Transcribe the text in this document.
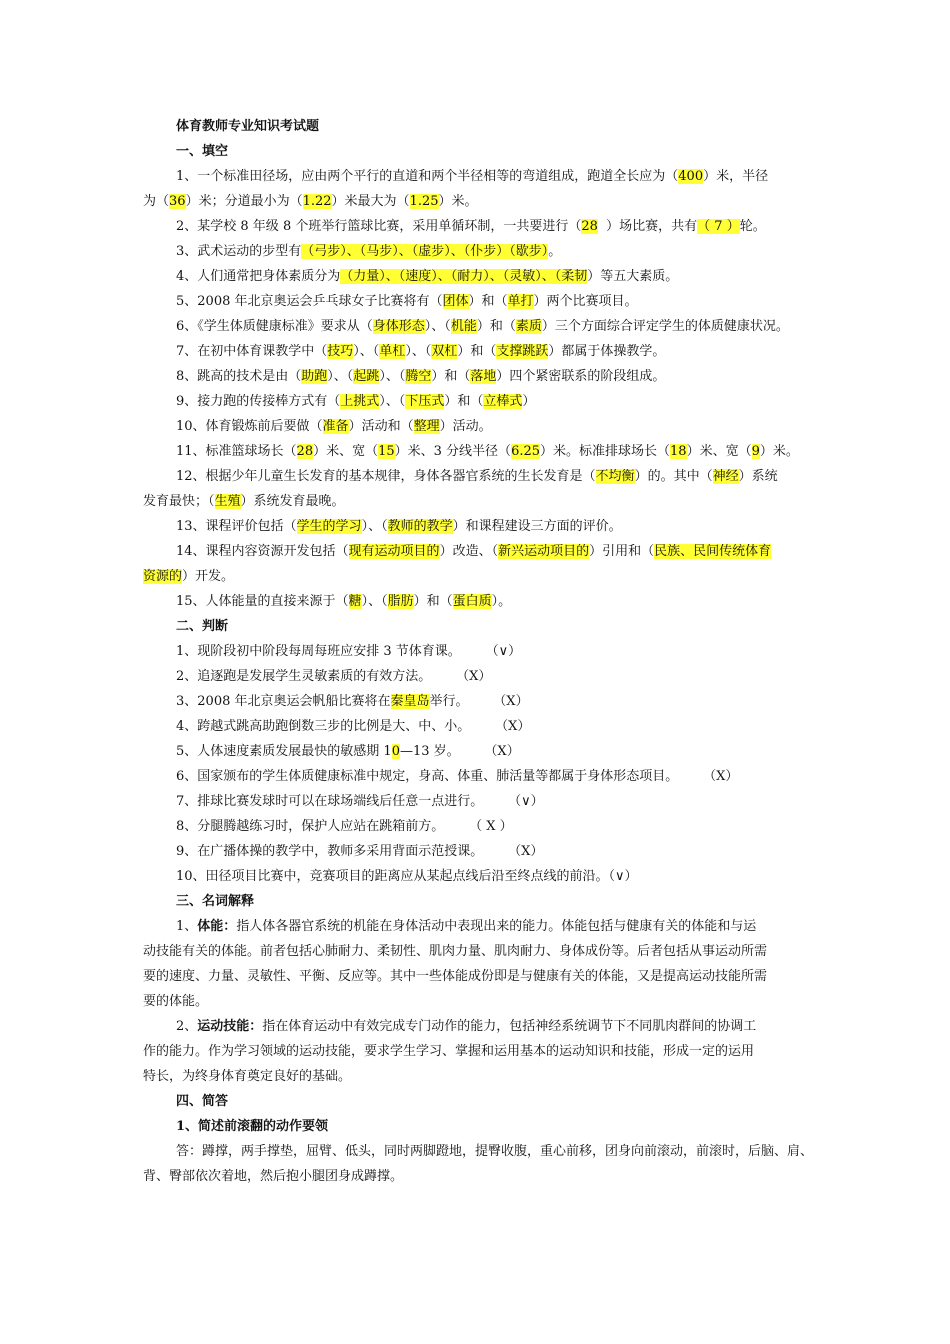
体育教师专业知识考试题
一、填空
1、一个标准田径场，应由两个平行的直道和两个半径相等的弯道组成，跑道全长应为（400）米，半径
为（36）米；分道最小为（1.22）米最大为（1.25）米。
2、某学校 8 年级 8 个班举行篮球比赛，采用单循环制，一共要进行（28  ）场比赛，共有（ 7 ）轮。
3、武术运动的步型有（弓步）、（马步）、（虚步）、（仆步）（歇步）。
4、人们通常把身体素质分为（力量）、（速度）、（耐力）、（灵敏）、（柔韧）等五大素质。
5、2008 年北京奥运会乒乓球女子比赛将有（团体）和（单打）两个比赛项目。
6、《学生体质健康标准》要求从（身体形态）、（机能）和（素质）三个方面综合评定学生的体质健康状况。
7、在初中体育课教学中（技巧）、（单杠）、（双杠）和（支撑跳跃）都属于体操教学。
8、跳高的技术是由（助跑）、（起跳）、（腾空）和（落地）四个紧密联系的阶段组成。
9、接力跑的传接棒方式有（上挑式）、（下压式）和（立棒式）
10、体育锻炼前后要做（准备）活动和（整理）活动。
11、标准篮球场长（28）米、宽（15）米、3 分线半径（6.25）米。标准排球场长（18）米、宽（9）米。
12、根据少年儿童生长发育的基本规律，身体各器官系统的生长发育是（不均衡）的。其中（神经）系统
发育最快；（生殖）系统发育最晚。
13、课程评价包括（学生的学习）、（教师的教学）和课程建设三方面的评价。
14、课程内容资源开发包括（现有运动项目的）改造、（新兴运动项目的）引用和（民族、民间传统体育
资源的）开发。
15、人体能量的直接来源于（糖）、（脂肪）和（蛋白质）。
二、判断
1、现阶段初中阶段每周每班应安排 3 节体育课。      （∨）
2、追逐跑是发展学生灵敏素质的有效方法。      （X）
3、2008 年北京奥运会帆船比赛将在秦皇岛举行。      （X）
4、跨越式跳高助跑倒数三步的比例是大、中、小。      （X）
5、人体速度素质发展最快的敏感期 10—13 岁。      （X）
6、国家颁布的学生体质健康标准中规定，身高、体重、肺活量等都属于身体形态项目。      （X）
7、排球比赛发球时可以在球场端线后任意一点进行。      （∨）
8、分腿腾越练习时，保护人应站在跳箱前方。      （ X ）
9、在广播体操的教学中，教师多采用背面示范授课。      （X）
10、田径项目比赛中，竞赛项目的距离应从某起点线后沿至终点线的前沿。（∨）
三、名词解释
1、体能：指人体各器官系统的机能在身体活动中表现出来的能力。体能包括与健康有关的体能和与运
动技能有关的体能。前者包括心肺耐力、柔韧性、肌肉力量、肌肉耐力、身体成份等。后者包括从事运动所需
要的速度、力量、灵敏性、平衡、反应等。其中一些体能成份即是与健康有关的体能，又是提高运动技能所需
要的体能。
2、运动技能：指在体育运动中有效完成专门动作的能力，包括神经系统调节下不同肌肉群间的协调工
作的能力。作为学习领域的运动技能，要求学生学习、掌握和运用基本的运动知识和技能，形成一定的运用
特长，为终身体育奠定良好的基础。
四、简答
1、简述前滚翻的动作要领
答：蹲撑，两手撑垫，屈臂、低头，同时两脚蹬地，提臀收腹，重心前移，团身向前滚动，前滚时，后脑、肩、
背、臀部依次着地，然后抱小腿团身成蹲撑。
